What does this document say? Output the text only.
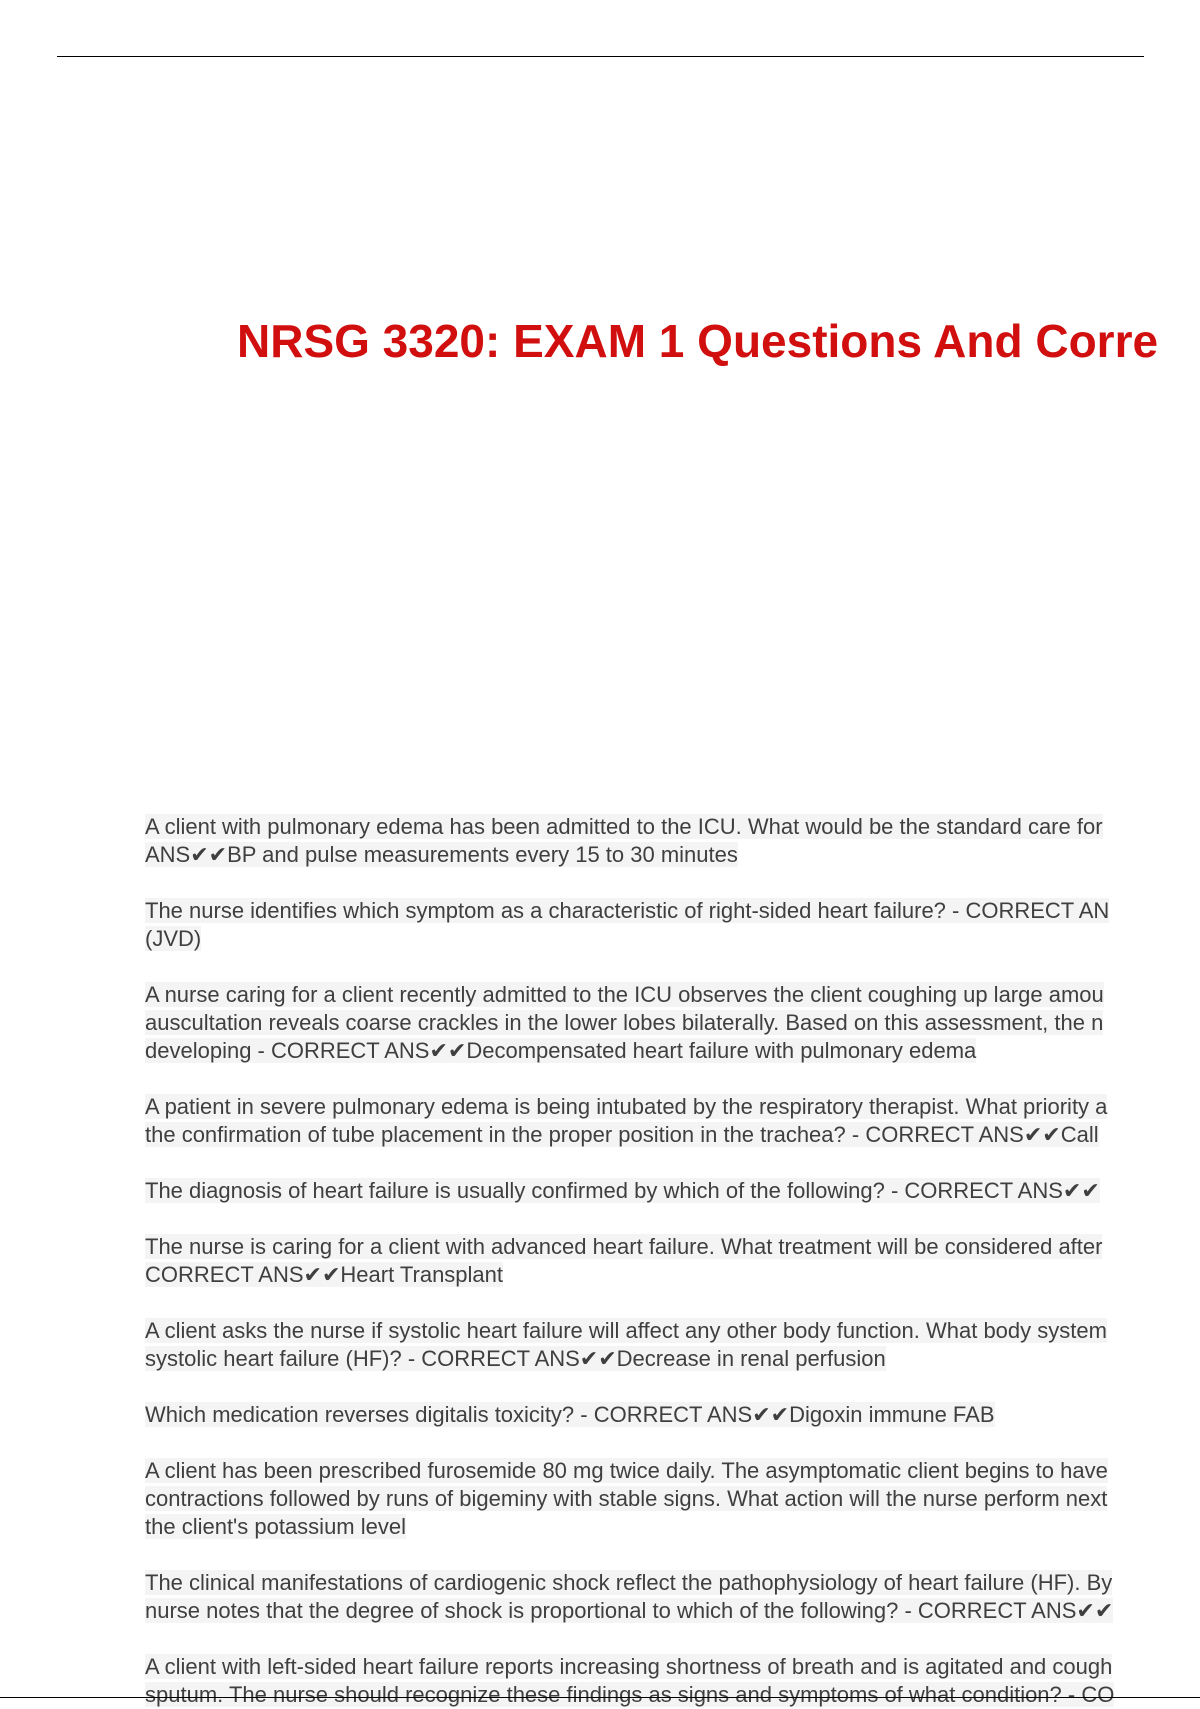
NRSG 3320: EXAM 1 Questions And Corre
A client with pulmonary edema has been admitted to the ICU. What would be the standard care for
ANS✔✔BP and pulse measurements every 15 to 30 minutes
The nurse identifies which symptom as a characteristic of right-sided heart failure? - CORRECT AN
(JVD)
A nurse caring for a client recently admitted to the ICU observes the client coughing up large amou
auscultation reveals coarse crackles in the lower lobes bilaterally. Based on this assessment, the n
developing - CORRECT ANS✔✔Decompensated heart failure with pulmonary edema
A patient in severe pulmonary edema is being intubated by the respiratory therapist. What priority a
the confirmation of tube placement in the proper position in the trachea? - CORRECT ANS✔✔Call
The diagnosis of heart failure is usually confirmed by which of the following? - CORRECT ANS✔✔
The nurse is caring for a client with advanced heart failure. What treatment will be considered after
CORRECT ANS✔✔Heart Transplant
A client asks the nurse if systolic heart failure will affect any other body function. What body system
systolic heart failure (HF)? - CORRECT ANS✔✔Decrease in renal perfusion
Which medication reverses digitalis toxicity? - CORRECT ANS✔✔Digoxin immune FAB
A client has been prescribed furosemide 80 mg twice daily. The asymptomatic client begins to have
contractions followed by runs of bigeminy with stable signs. What action will the nurse perform next
the client's potassium level
The clinical manifestations of cardiogenic shock reflect the pathophysiology of heart failure (HF). By
nurse notes that the degree of shock is proportional to which of the following? - CORRECT ANS✔✔
A client with left-sided heart failure reports increasing shortness of breath and is agitated and cough
sputum. The nurse should recognize these findings as signs and symptoms of what condition? - CO
